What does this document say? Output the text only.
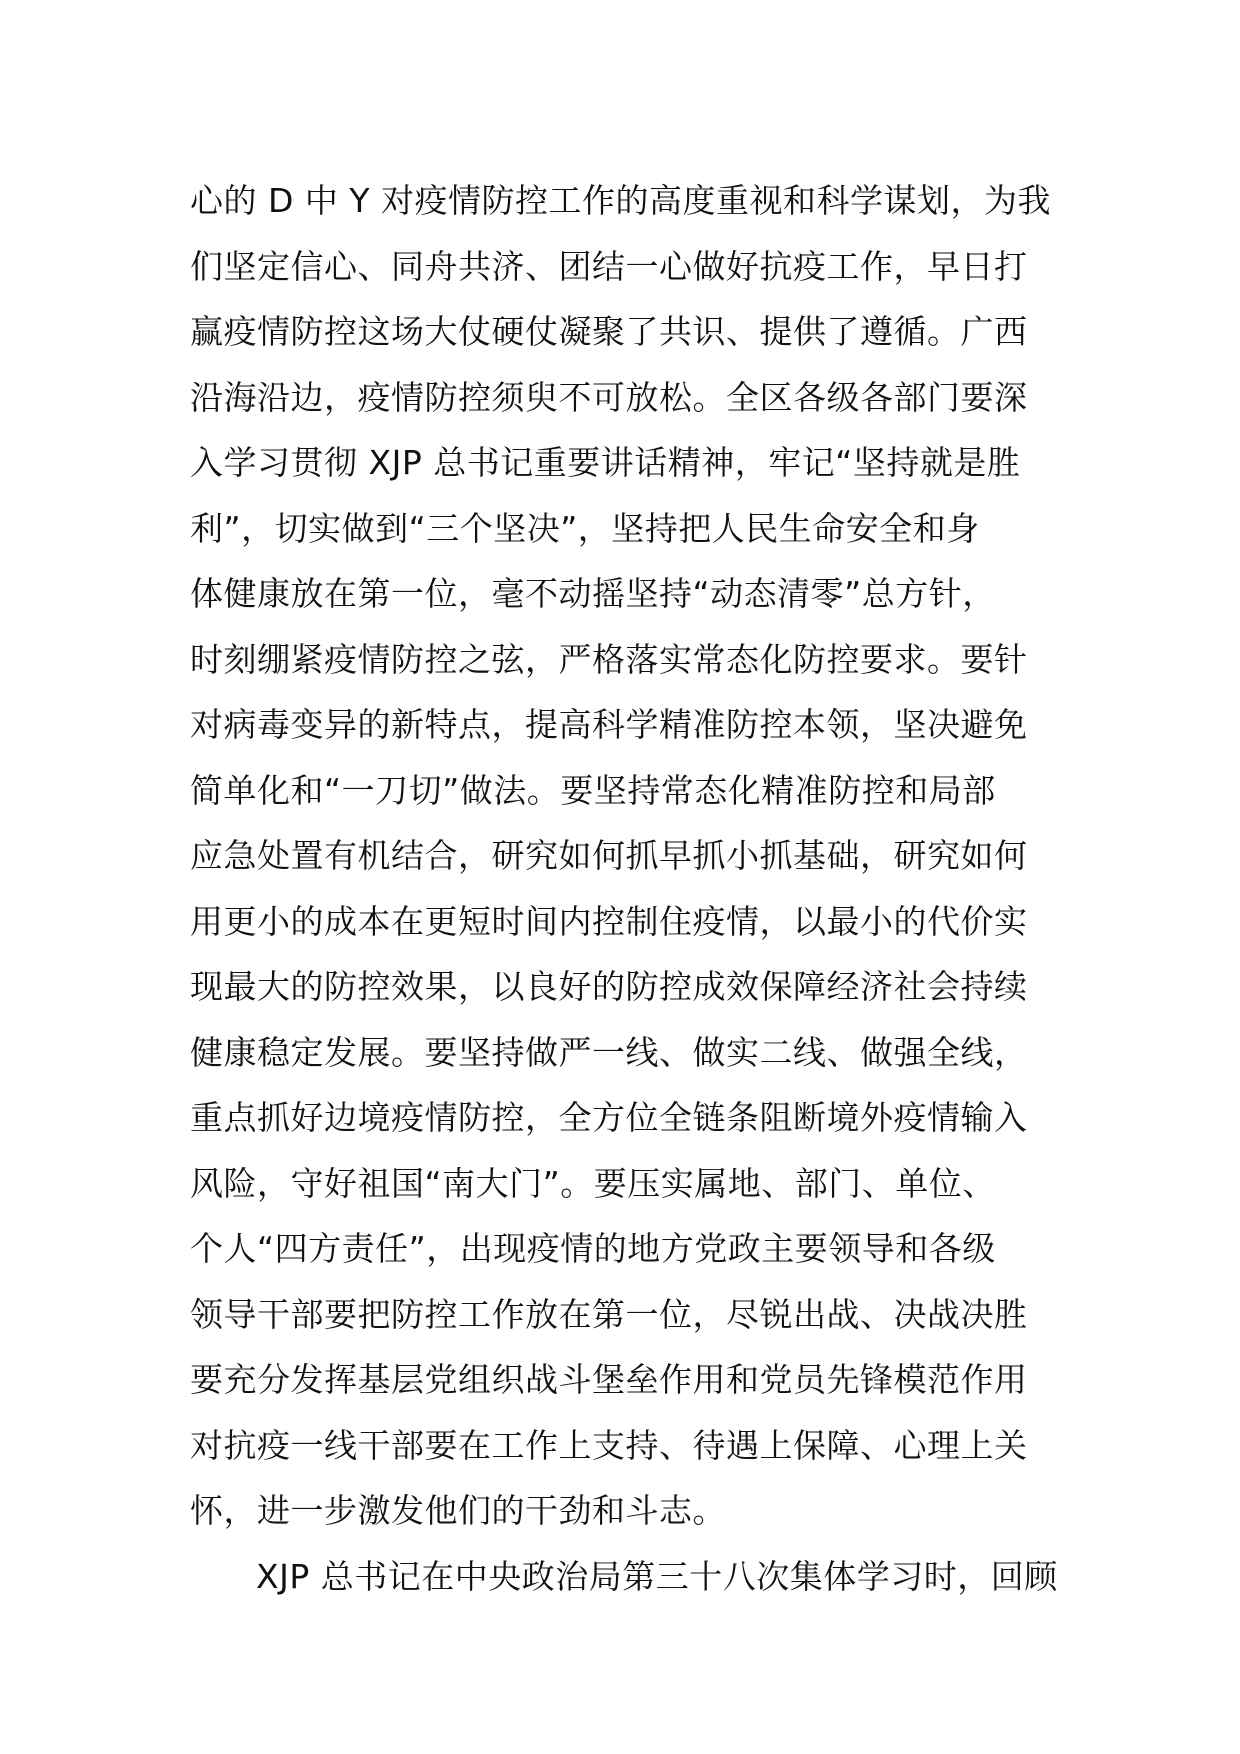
心的 D 中 Y 对疫情防控工作的高度重视和科学谋划，为我
们坚定信心、同舟共济、团结一心做好抗疫工作，早日打
赢疫情防控这场大仗硬仗凝聚了共识、提供了遵循。广西
沿海沿边，疫情防控须臾不可放松。全区各级各部门要深
入学习贯彻 XJP 总书记重要讲话精神，牢记“坚持就是胜
利”，切实做到“三个坚决”，坚持把人民生命安全和身
体健康放在第一位，毫不动摇坚持“动态清零”总方针，
时刻绷紧疫情防控之弦，严格落实常态化防控要求。要针
对病毒变异的新特点，提高科学精准防控本领，坚决避免
简单化和“一刀切”做法。要坚持常态化精准防控和局部
应急处置有机结合，研究如何抓早抓小抓基础，研究如何
用更小的成本在更短时间内控制住疫情，以最小的代价实
现最大的防控效果，以良好的防控成效保障经济社会持续
健康稳定发展。要坚持做严一线、做实二线、做强全线，
重点抓好边境疫情防控，全方位全链条阻断境外疫情输入
风险，守好祖国“南大门”。要压实属地、部门、单位、
个人“四方责任”，出现疫情的地方党政主要领导和各级
领导干部要把防控工作放在第一位，尽锐出战、决战决胜
要充分发挥基层党组织战斗堡垒作用和党员先锋模范作用
对抗疫一线干部要在工作上支持、待遇上保障、心理上关
怀，进一步激发他们的干劲和斗志。
XJP 总书记在中央政治局第三十八次集体学习时，回顾
